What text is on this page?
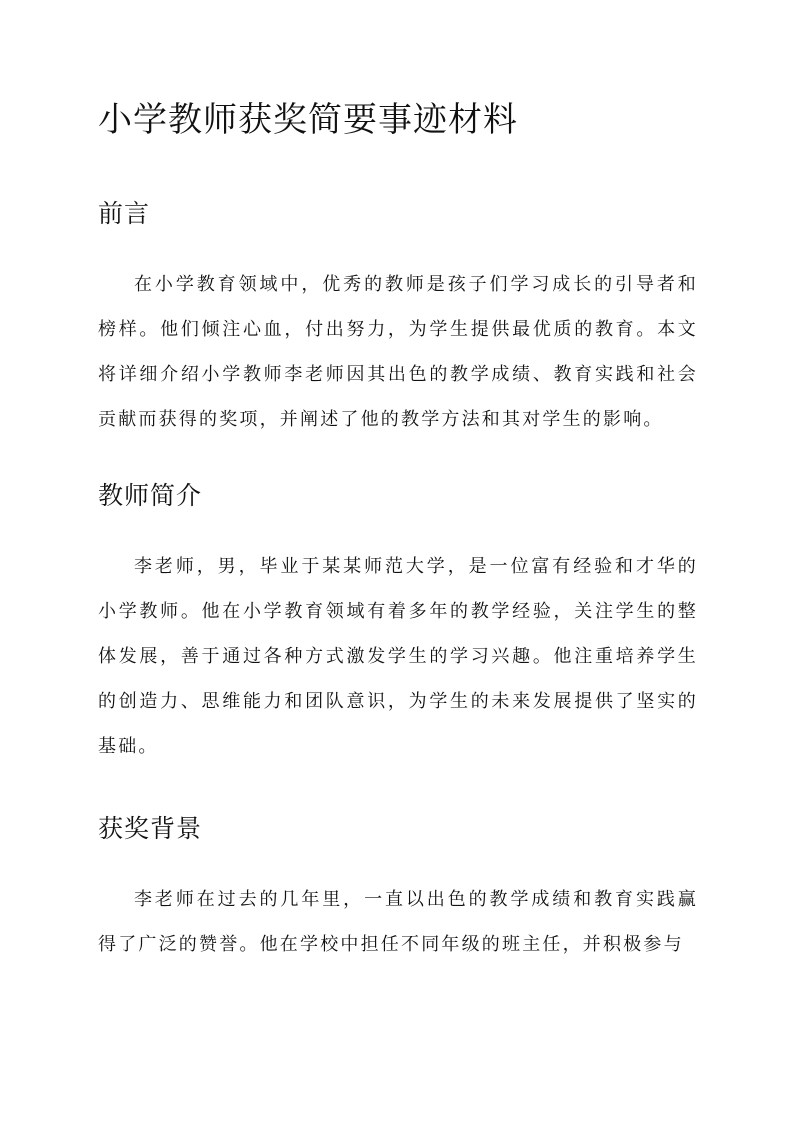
小学教师获奖简要事迹材料
前言

在小学教育领域中，优秀的教师是孩子们学习成长的引导者和榜样。他们倾注心血，付出努力，为学生提供最优质的教育。本文将详细介绍小学教师李老师因其出色的教学成绩、教育实践和社会贡献而获得的奖项，并阐述了他的教学方法和其对学生的影响。

教师简介

李老师，男，毕业于某某师范大学，是一位富有经验和才华的小学教师。他在小学教育领域有着多年的教学经验，关注学生的整体发展，善于通过各种方式激发学生的学习兴趣。他注重培养学生的创造力、思维能力和团队意识，为学生的未来发展提供了坚实的基础。

获奖背景

李老师在过去的几年里，一直以出色的教学成绩和教育实践赢得了广泛的赞誉。他在学校中担任不同年级的班主任，并积极参与
